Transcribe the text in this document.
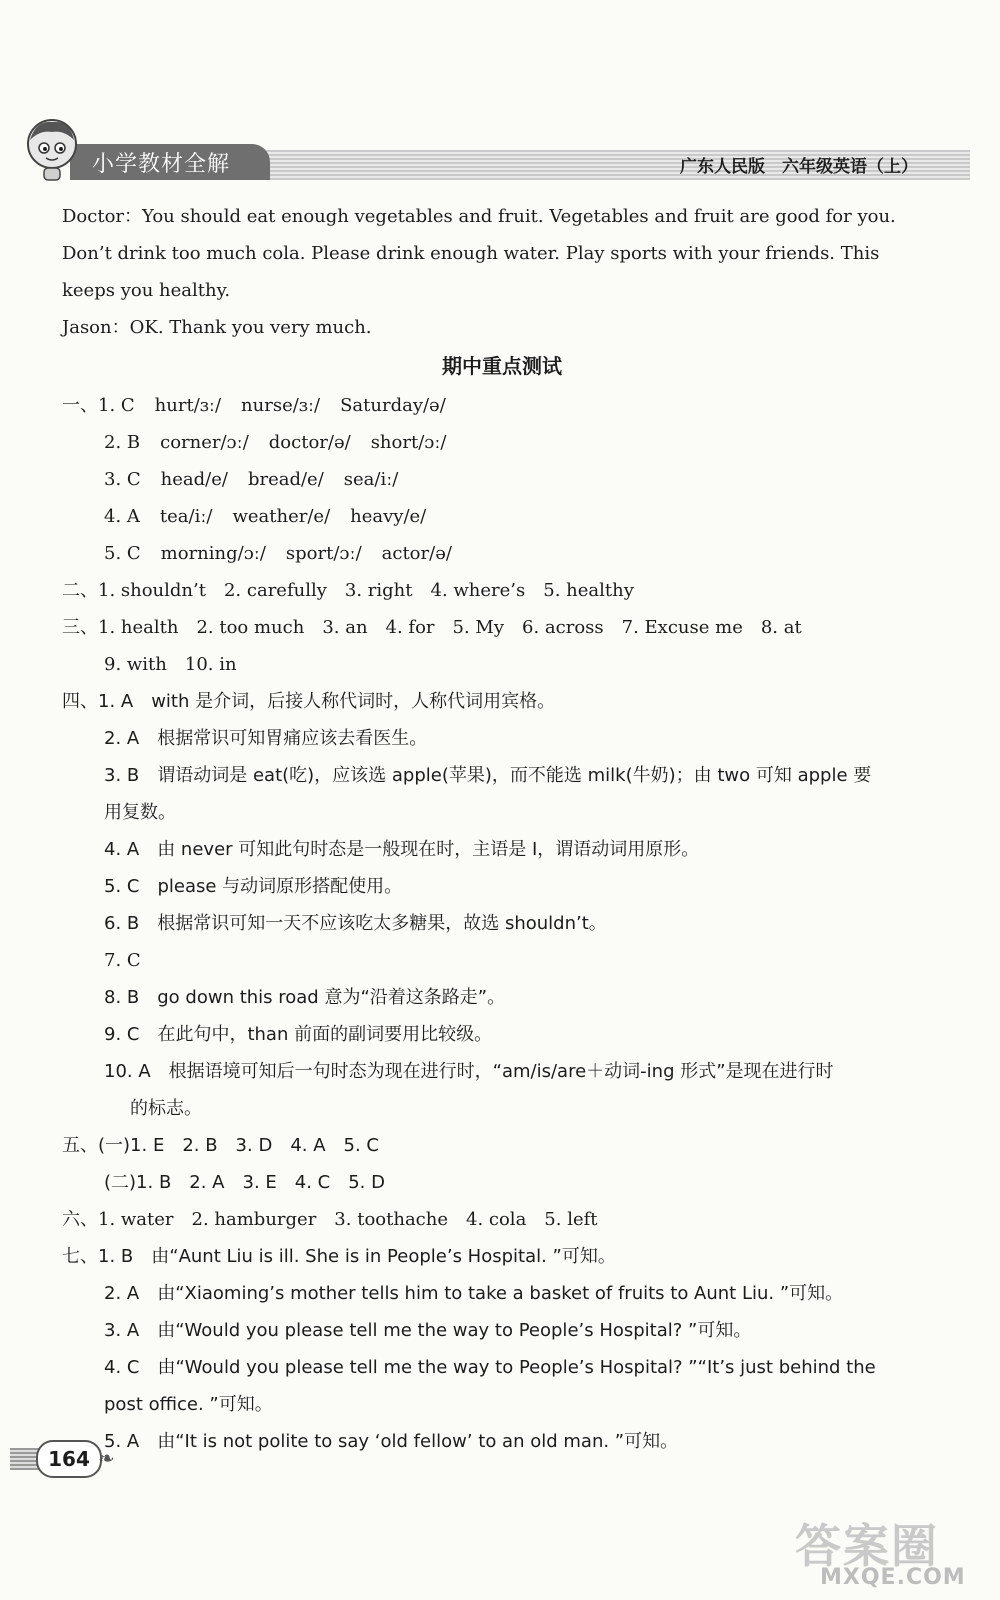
小学教材全解	广东人民版　六年级英语（上）
Doctor：You should eat enough vegetables and fruit. Vegetables and fruit are good for you.
Don’t drink too much cola. Please drink enough water. Play sports with your friends. This
keeps you healthy.
Jason：OK. Thank you very much.
期中重点测试
一、1. C hurt/ɜː/ nurse/ɜː/ Saturday/ə/
2. B corner/ɔː/ doctor/ə/ short/ɔː/
3. C head/e/ bread/e/ sea/iː/
4. A tea/iː/ weather/e/ heavy/e/
5. C morning/ɔː/ sport/ɔː/ actor/ə/
二、1. shouldn’t　2. carefully　3. right　4. where’s　5. healthy
三、1. health　2. too much　3. an　4. for　5. My　6. across　7. Excuse me　8. at
9. with　10. in
四、1. A　with 是介词，后接人称代词时，人称代词用宾格。
2. A　根据常识可知胃痛应该去看医生。
3. B　谓语动词是 eat(吃)，应该选 apple(苹果)，而不能选 milk(牛奶)；由 two 可知 apple 要
用复数。
4. A　由 never 可知此句时态是一般现在时，主语是 I，谓语动词用原形。
5. C　please 与动词原形搭配使用。
6. B　根据常识可知一天不应该吃太多糖果，故选 shouldn’t。
7. C
8. B　go down this road 意为“沿着这条路走”。
9. C　在此句中，than 前面的副词要用比较级。
10. A　根据语境可知后一句时态为现在进行时，“am/is/are＋动词-ing 形式”是现在进行时
的标志。
五、(一)1. E　2. B　3. D　4. A　5. C
(二)1. B　2. A　3. E　4. C　5. D
六、1. water　2. hamburger　3. toothache　4. cola　5. left
七、1. B　由“Aunt Liu is ill. She is in People’s Hospital. ”可知。
2. A　由“Xiaoming’s mother tells him to take a basket of fruits to Aunt Liu. ”可知。
3. A　由“Would you please tell me the way to People’s Hospital? ”可知。
4. C　由“Would you please tell me the way to People’s Hospital? ”“It’s just behind the
post office. ”可知。
5. A　由“It is not polite to say ‘old fellow’ to an old man. ”可知。
164 ❧
答案圈
MXQE.COM
